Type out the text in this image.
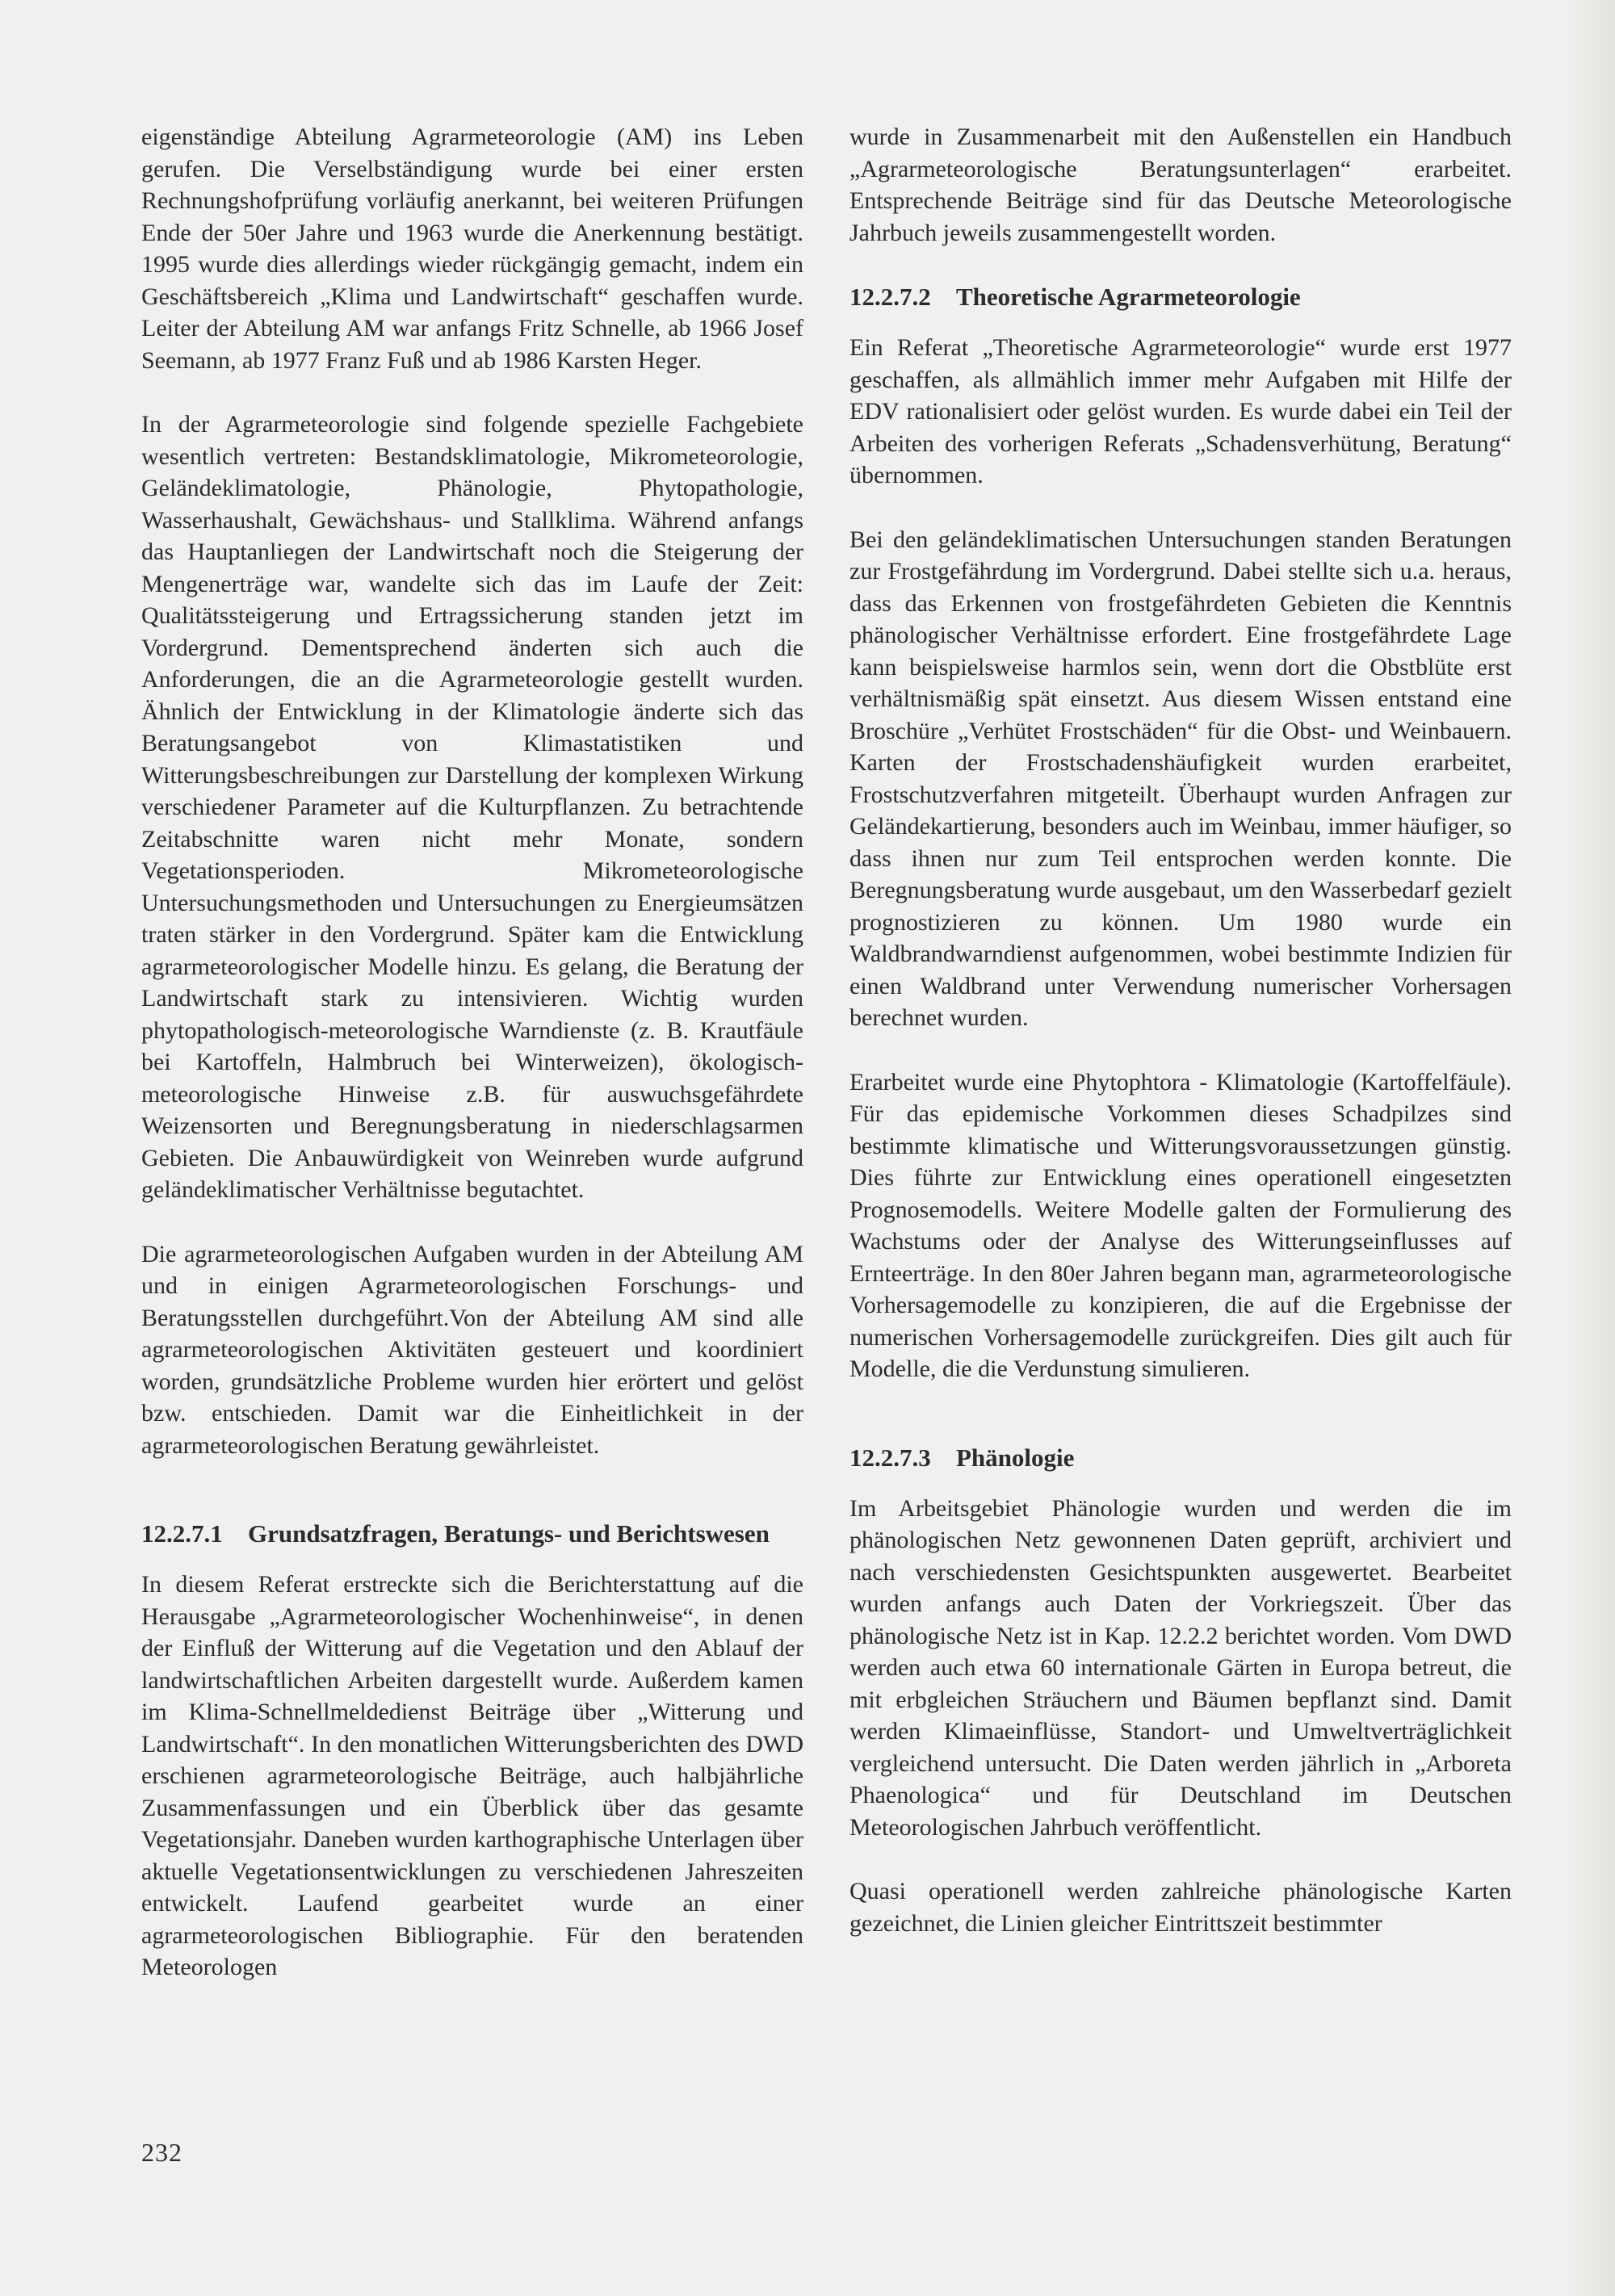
eigenständige Abteilung Agrarmeteorologie (AM) ins Leben gerufen. Die Verselbständigung wurde bei einer ersten Rechnungshofprüfung vorläufig anerkannt, bei weiteren Prüfungen Ende der 50er Jahre und 1963 wurde die Anerkennung bestätigt. 1995 wurde dies allerdings wieder rückgängig gemacht, indem ein Geschäftsbereich „Klima und Landwirtschaft“ geschaffen wurde. Leiter der Abteilung AM war anfangs Fritz Schnelle, ab 1966 Josef Seemann, ab 1977 Franz Fuß und ab 1986 Karsten Heger.

In der Agrarmeteorologie sind folgende spezielle Fachgebiete wesentlich vertreten: Bestandsklimatologie, Mikrometeorologie, Geländeklimatologie, Phänologie, Phytopathologie, Wasserhaushalt, Gewächshaus- und Stallklima. Während anfangs das Hauptanliegen der Landwirtschaft noch die Steigerung der Mengenerträge war, wandelte sich das im Laufe der Zeit: Qualitätssteigerung und Ertragssicherung standen jetzt im Vordergrund. Dementsprechend änderten sich auch die Anforderungen, die an die Agrarmeteorologie gestellt wurden. Ähnlich der Entwicklung in der Klimatologie änderte sich das Beratungsangebot von Klimastatistiken und Witterungsbeschreibungen zur Darstellung der komplexen Wirkung verschiedener Parameter auf die Kulturpflanzen. Zu betrachtende Zeitabschnitte waren nicht mehr Monate, sondern Vegetationsperioden. Mikrometeorologische Untersuchungsmethoden und Untersuchungen zu Energieumsätzen traten stärker in den Vordergrund. Später kam die Entwicklung agrarmeteorologischer Modelle hinzu. Es gelang, die Beratung der Landwirtschaft stark zu intensivieren. Wichtig wurden phytopathologisch-meteorologische Warndienste (z. B. Krautfäule bei Kartoffeln, Halmbruch bei Winterweizen), ökologisch-meteorologische Hinweise z.B. für auswuchsgefährdete Weizensorten und Beregnungsberatung in niederschlagsarmen Gebieten. Die Anbauwürdigkeit von Weinreben wurde aufgrund geländeklimatischer Verhältnisse begutachtet.

Die agrarmeteorologischen Aufgaben wurden in der Abteilung AM und in einigen Agrarmeteorologischen Forschungs- und Beratungsstellen durchgeführt.Von der Abteilung AM sind alle agrarmeteorologischen Aktivitäten gesteuert und koordiniert worden, grundsätzliche Probleme wurden hier erörtert und gelöst bzw. entschieden. Damit war die Einheitlichkeit in der agrarmeteorologischen Beratung gewährleistet.

12.2.7.1	Grundsatzfragen, Beratungs- und Berichtswesen

In diesem Referat erstreckte sich die Berichterstattung auf die Herausgabe „Agrarmeteorologischer Wochenhinweise“, in denen der Einfluß der Witterung auf die Vegetation und den Ablauf der landwirtschaftlichen Arbeiten dargestellt wurde. Außerdem kamen im Klima-Schnellmeldedienst Beiträge über „Witterung und Landwirtschaft“. In den monatlichen Witterungsberichten des DWD erschienen agrarmeteorologische Beiträge, auch halbjährliche Zusammenfassungen und ein Überblick über das gesamte Vegetationsjahr. Daneben wurden karthographische Unterlagen über aktuelle Vegetationsentwicklungen zu verschiedenen Jahreszeiten entwickelt. Laufend gearbeitet wurde an einer agrarmeteorologischen Bibliographie. Für den beratenden Meteorologen

wurde in Zusammenarbeit mit den Außenstellen ein Handbuch „Agrarmeteorologische Beratungsunterlagen“ erarbeitet. Entsprechende Beiträge sind für das Deutsche Meteorologische Jahrbuch jeweils zusammengestellt worden.

12.2.7.2	Theoretische Agrarmeteorologie

Ein Referat „Theoretische Agrarmeteorologie“ wurde erst 1977 geschaffen, als allmählich immer mehr Aufgaben mit Hilfe der EDV rationalisiert oder gelöst wurden. Es wurde dabei ein Teil der Arbeiten des vorherigen Referats „Schadensverhütung, Beratung“ übernommen.

Bei den geländeklimatischen Untersuchungen standen Beratungen zur Frostgefährdung im Vordergrund. Dabei stellte sich u.a. heraus, dass das Erkennen von frostgefährdeten Gebieten die Kenntnis phänologischer Verhältnisse erfordert. Eine frostgefährdete Lage kann beispielsweise harmlos sein, wenn dort die Obstblüte erst verhältnismäßig spät einsetzt. Aus diesem Wissen entstand eine Broschüre „Verhütet Frostschäden“ für die Obst- und Weinbauern. Karten der Frostschadenshäufigkeit wurden erarbeitet, Frostschutzverfahren mitgeteilt. Überhaupt wurden Anfragen zur Geländekartierung, besonders auch im Weinbau, immer häufiger, so dass ihnen nur zum Teil entsprochen werden konnte. Die Beregnungsberatung wurde ausgebaut, um den Wasserbedarf gezielt prognostizieren zu können. Um 1980 wurde ein Waldbrandwarndienst aufgenommen, wobei bestimmte Indizien für einen Waldbrand unter Verwendung numerischer Vorhersagen berechnet wurden.

Erarbeitet wurde eine Phytophtora - Klimatologie (Kartoffelfäule). Für das epidemische Vorkommen dieses Schadpilzes sind bestimmte klimatische und Witterungsvoraussetzungen günstig. Dies führte zur Entwicklung eines operationell eingesetzten Prognosemodells. Weitere Modelle galten der Formulierung des Wachstums oder der Analyse des Witterungseinflusses auf Ernteerträge. In den 80er Jahren begann man, agrarmeteorologische Vorhersagemodelle zu konzipieren, die auf die Ergebnisse der numerischen Vorhersagemodelle zurückgreifen. Dies gilt auch für Modelle, die die Verdunstung simulieren.

12.2.7.3	Phänologie

Im Arbeitsgebiet Phänologie wurden und werden die im phänologischen Netz gewonnenen Daten geprüft, archiviert und nach verschiedensten Gesichtspunkten ausgewertet. Bearbeitet wurden anfangs auch Daten der Vorkriegszeit. Über das phänologische Netz ist in Kap. 12.2.2 berichtet worden. Vom DWD werden auch etwa 60 internationale Gärten in Europa betreut, die mit erbgleichen Sträuchern und Bäumen bepflanzt sind. Damit werden Klimaeinflüsse, Standort- und Umweltverträglichkeit vergleichend untersucht. Die Daten werden jährlich in „Arboreta Phaenologica“ und für Deutschland im Deutschen Meteorologischen Jahrbuch veröffentlicht.

Quasi operationell werden zahlreiche phänologische Karten gezeichnet, die Linien gleicher Eintrittszeit bestimmter

232
